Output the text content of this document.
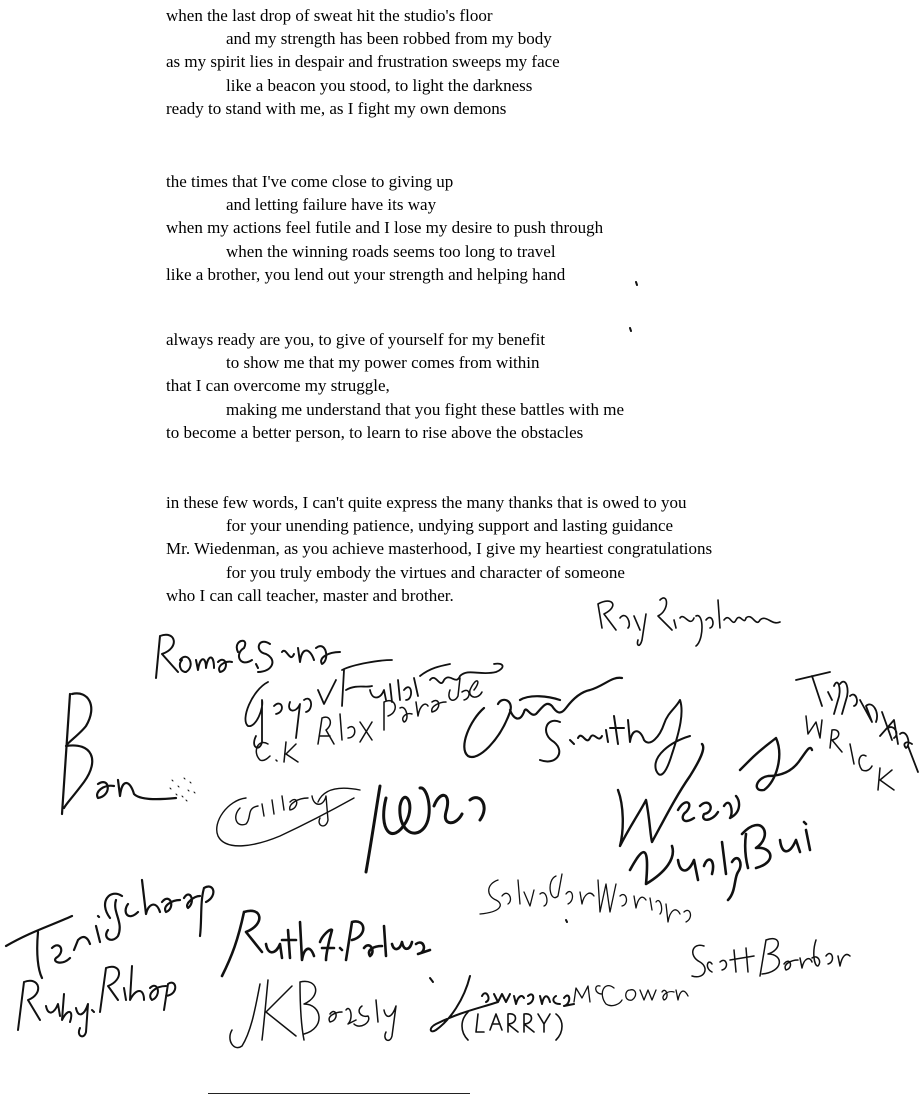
when the last drop of sweat hit the studio's floor
and my strength has been robbed from my body
as my spirit lies in despair and frustration sweeps my face
like a beacon you stood, to light the darkness
ready to stand with me, as I fight my own demons
the times that I've come close to giving up
and letting failure have its way
when my actions feel futile and I lose my desire to push through
when the winning roads seems too long to travel
like a brother, you lend out your strength and helping hand
always ready are you, to give of yourself for my benefit
to show me that my power comes from within
that I can overcome my struggle,
making me understand that you fight these battles with me
to become a better person, to learn to rise above the obstacles
in these few words, I can't quite express the many thanks that is owed to you
for your unending patience, undying support and lasting guidance
Mr. Wiedenman, as you achieve masterhood, I give my heartiest congratulations
for you truly embody the virtues and character of someone
who I can call teacher, master and brother.
